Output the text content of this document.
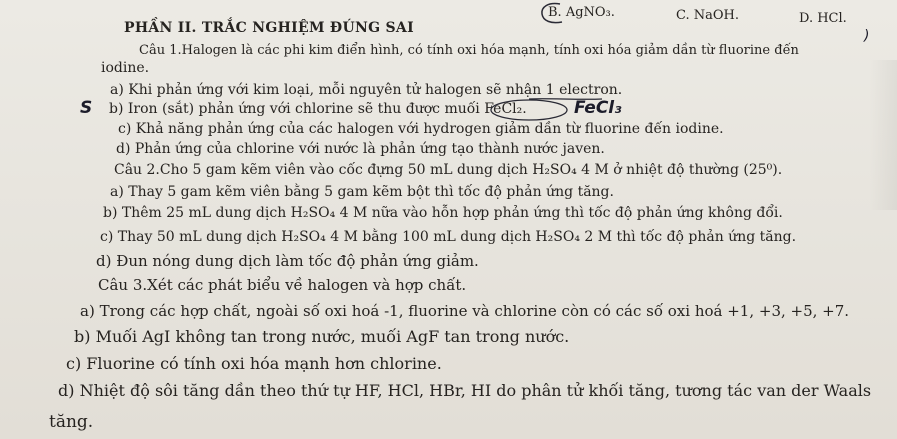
B. AgNO₃.	C. NaOH.	D. HCl.
PHẦN II. TRẮC NGHIỆM ĐÚNG SAI	)
Câu 1.Halogen là các phi kim điển hình, có tính oxi hóa mạnh, tính oxi hóa giảm dần từ fluorine đến
iodine.
a) Khi phản ứng với kim loại, mỗi nguyên tử halogen sẽ nhận 1 electron.
S b) Iron (sắt) phản ứng với chlorine sẽ thu được muối FeCl₂.	FeCl₃
c) Khả năng phản ứng của các halogen với hydrogen giảm dần từ fluorine đến iodine.
d) Phản ứng của chlorine với nước là phản ứng tạo thành nước javen.
Câu 2.Cho 5 gam kẽm viên vào cốc đựng 50 mL dung dịch H₂SO₄ 4 M ở nhiệt độ thường (25⁰).
a) Thay 5 gam kẽm viên bằng 5 gam kẽm bột thì tốc độ phản ứng tăng.
b) Thêm 25 mL dung dịch H₂SO₄ 4 M nữa vào hỗn hợp phản ứng thì tốc độ phản ứng không đổi.
c) Thay 50 mL dung dịch H₂SO₄ 4 M bằng 100 mL dung dịch H₂SO₄ 2 M thì tốc độ phản ứng tăng.
d) Đun nóng dung dịch làm tốc độ phản ứng giảm.
Câu 3.Xét các phát biểu về halogen và hợp chất.
a) Trong các hợp chất, ngoài số oxi hoá -1, fluorine và chlorine còn có các số oxi hoá +1, +3, +5, +7.
b) Muối AgI không tan trong nước, muối AgF tan trong nước.
c) Fluorine có tính oxi hóa mạnh hơn chlorine.
d) Nhiệt độ sôi tăng dần theo thứ tự HF, HCl, HBr, HI do phân tử khối tăng, tương tác van der Waals
tăng.
